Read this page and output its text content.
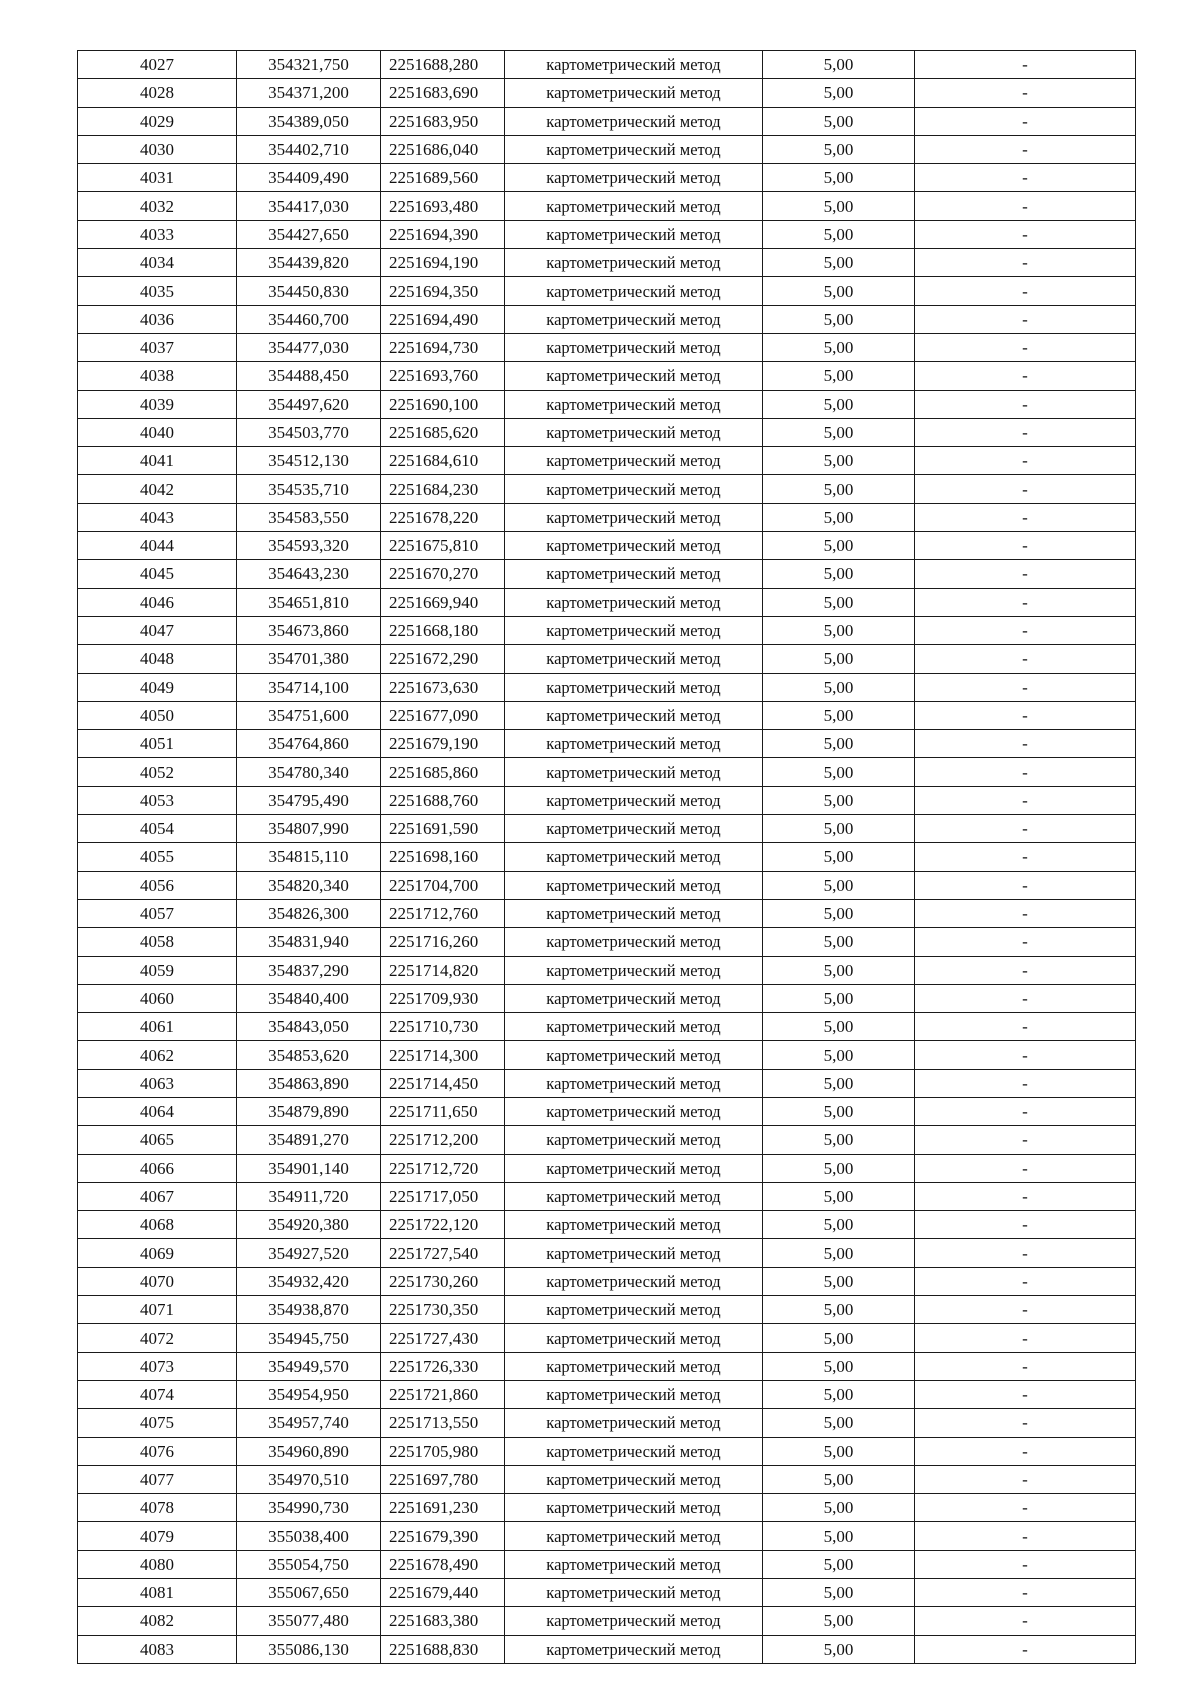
4027	354321,750	2251688,280	картометрический метод	5,00	-
4028	354371,200	2251683,690	картометрический метод	5,00	-
4029	354389,050	2251683,950	картометрический метод	5,00	-
4030	354402,710	2251686,040	картометрический метод	5,00	-
4031	354409,490	2251689,560	картометрический метод	5,00	-
4032	354417,030	2251693,480	картометрический метод	5,00	-
4033	354427,650	2251694,390	картометрический метод	5,00	-
4034	354439,820	2251694,190	картометрический метод	5,00	-
4035	354450,830	2251694,350	картометрический метод	5,00	-
4036	354460,700	2251694,490	картометрический метод	5,00	-
4037	354477,030	2251694,730	картометрический метод	5,00	-
4038	354488,450	2251693,760	картометрический метод	5,00	-
4039	354497,620	2251690,100	картометрический метод	5,00	-
4040	354503,770	2251685,620	картометрический метод	5,00	-
4041	354512,130	2251684,610	картометрический метод	5,00	-
4042	354535,710	2251684,230	картометрический метод	5,00	-
4043	354583,550	2251678,220	картометрический метод	5,00	-
4044	354593,320	2251675,810	картометрический метод	5,00	-
4045	354643,230	2251670,270	картометрический метод	5,00	-
4046	354651,810	2251669,940	картометрический метод	5,00	-
4047	354673,860	2251668,180	картометрический метод	5,00	-
4048	354701,380	2251672,290	картометрический метод	5,00	-
4049	354714,100	2251673,630	картометрический метод	5,00	-
4050	354751,600	2251677,090	картометрический метод	5,00	-
4051	354764,860	2251679,190	картометрический метод	5,00	-
4052	354780,340	2251685,860	картометрический метод	5,00	-
4053	354795,490	2251688,760	картометрический метод	5,00	-
4054	354807,990	2251691,590	картометрический метод	5,00	-
4055	354815,110	2251698,160	картометрический метод	5,00	-
4056	354820,340	2251704,700	картометрический метод	5,00	-
4057	354826,300	2251712,760	картометрический метод	5,00	-
4058	354831,940	2251716,260	картометрический метод	5,00	-
4059	354837,290	2251714,820	картометрический метод	5,00	-
4060	354840,400	2251709,930	картометрический метод	5,00	-
4061	354843,050	2251710,730	картометрический метод	5,00	-
4062	354853,620	2251714,300	картометрический метод	5,00	-
4063	354863,890	2251714,450	картометрический метод	5,00	-
4064	354879,890	2251711,650	картометрический метод	5,00	-
4065	354891,270	2251712,200	картометрический метод	5,00	-
4066	354901,140	2251712,720	картометрический метод	5,00	-
4067	354911,720	2251717,050	картометрический метод	5,00	-
4068	354920,380	2251722,120	картометрический метод	5,00	-
4069	354927,520	2251727,540	картометрический метод	5,00	-
4070	354932,420	2251730,260	картометрический метод	5,00	-
4071	354938,870	2251730,350	картометрический метод	5,00	-
4072	354945,750	2251727,430	картометрический метод	5,00	-
4073	354949,570	2251726,330	картометрический метод	5,00	-
4074	354954,950	2251721,860	картометрический метод	5,00	-
4075	354957,740	2251713,550	картометрический метод	5,00	-
4076	354960,890	2251705,980	картометрический метод	5,00	-
4077	354970,510	2251697,780	картометрический метод	5,00	-
4078	354990,730	2251691,230	картометрический метод	5,00	-
4079	355038,400	2251679,390	картометрический метод	5,00	-
4080	355054,750	2251678,490	картометрический метод	5,00	-
4081	355067,650	2251679,440	картометрический метод	5,00	-
4082	355077,480	2251683,380	картометрический метод	5,00	-
4083	355086,130	2251688,830	картометрический метод	5,00	-
